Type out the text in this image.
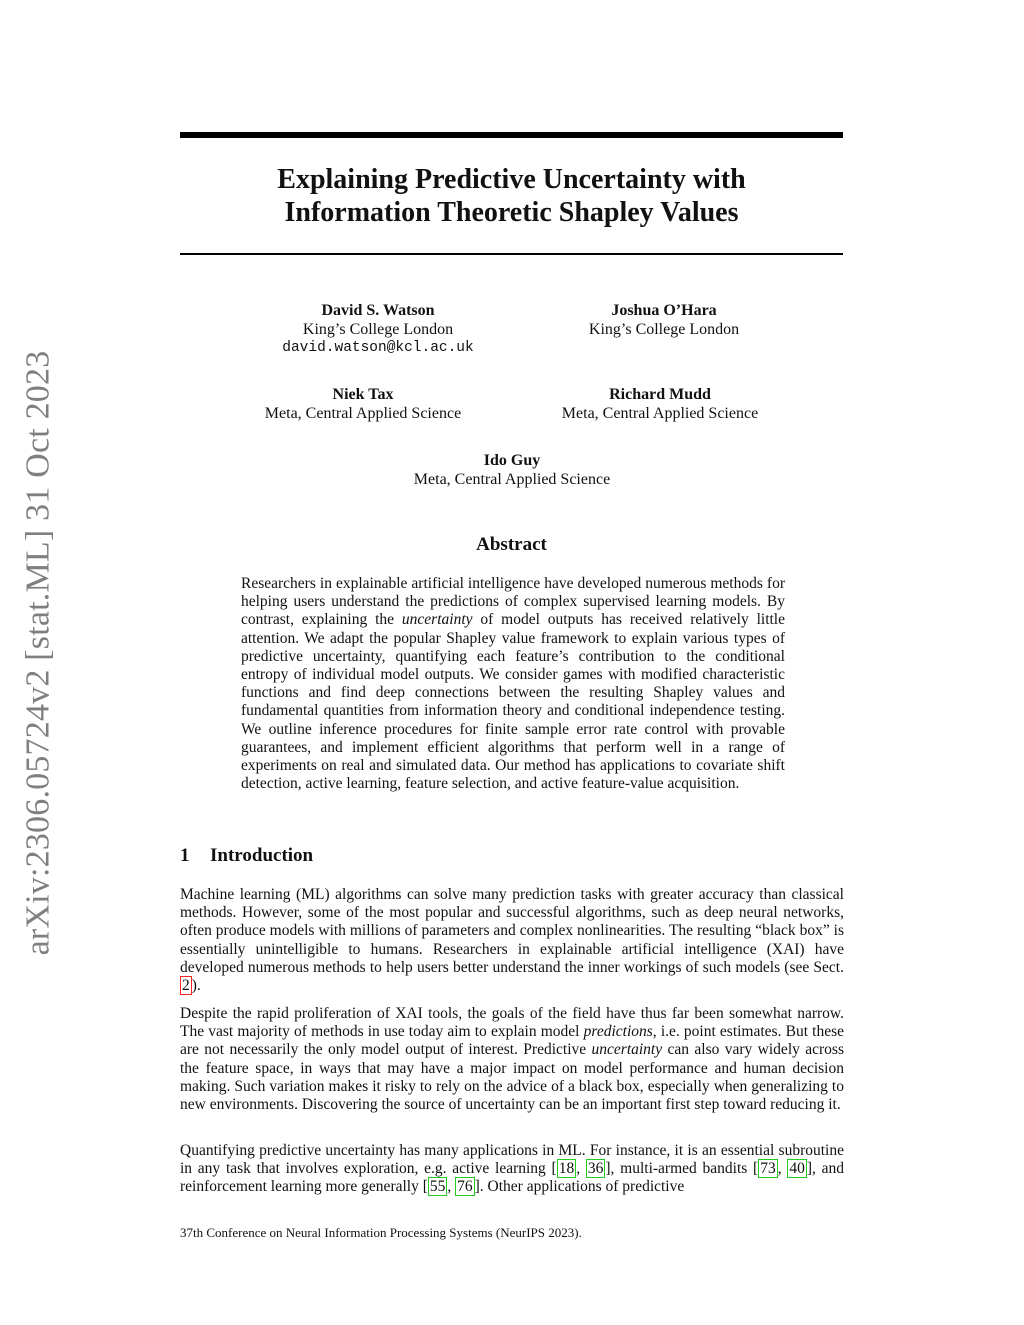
arXiv:2306.05724v2 [stat.ML] 31 Oct 2023
Explaining Predictive Uncertainty with
Information Theoretic Shapley Values
David S. Watson
King’s College London
david.watson@kcl.ac.uk
Joshua O’Hara
King’s College London
Niek Tax
Meta, Central Applied Science
Richard Mudd
Meta, Central Applied Science
Ido Guy
Meta, Central Applied Science
Abstract

Researchers in explainable artificial intelligence have developed numerous methods for helping users understand the predictions of complex supervised learning models. By contrast, explaining the uncertainty of model outputs has received relatively little attention. We adapt the popular Shapley value framework to explain various types of predictive uncertainty, quantifying each feature’s contribution to the conditional entropy of individual model outputs. We consider games with modified characteristic functions and find deep connections between the resulting Shapley values and fundamental quantities from information theory and conditional independence testing. We outline inference procedures for finite sample error rate control with provable guarantees, and implement efficient algorithms that perform well in a range of experiments on real and simulated data. Our method has applications to covariate shift detection, active learning, feature selection, and active feature-value acquisition.

1 Introduction

Machine learning (ML) algorithms can solve many prediction tasks with greater accuracy than classical methods. However, some of the most popular and successful algorithms, such as deep neural networks, often produce models with millions of parameters and complex nonlinearities. The resulting “black box” is essentially unintelligible to humans. Researchers in explainable artificial intelligence (XAI) have developed numerous methods to help users better understand the inner workings of such models (see Sect. 2 ).

Despite the rapid proliferation of XAI tools, the goals of the field have thus far been somewhat narrow. The vast majority of methods in use today aim to explain model predictions, i.e. point estimates. But these are not necessarily the only model output of interest. Predictive uncertainty can also vary widely across the feature space, in ways that may have a major impact on model performance and human decision making. Such variation makes it risky to rely on the advice of a black box, especially when generalizing to new environments. Discovering the source of uncertainty can be an important first step toward reducing it.

Quantifying predictive uncertainty has many applications in ML. For instance, it is an essential subroutine in any task that involves exploration, e.g. active learning [ 18 , 36 ], multi-armed bandits [ 73 , 40 ], and reinforcement learning more generally [ 55 , 76 ]. Other applications of predictive

37th Conference on Neural Information Processing Systems (NeurIPS 2023).
